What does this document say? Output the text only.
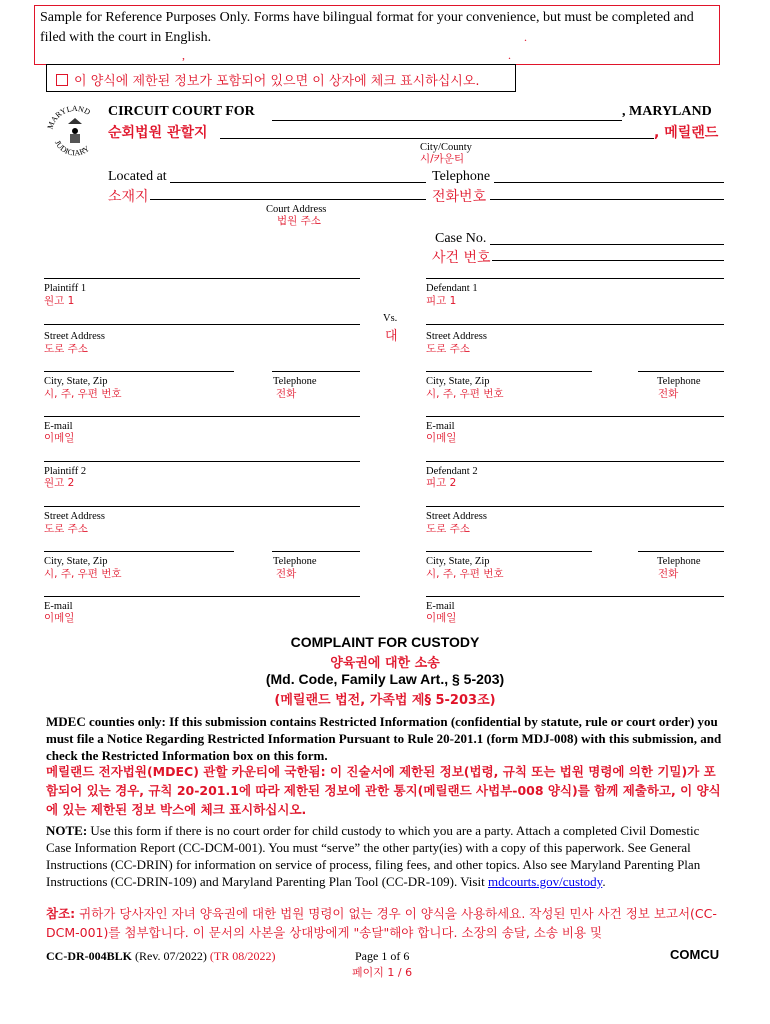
Sample for Reference Purposes Only. Forms have bilingual format for your convenience, but must be completed and filed with the court in English.
,
.
.
이 양식에 제한된 정보가 포함되어 있으면 이 상자에 체크 표시하십시오.
MARYLAND
JUDICIARY
CIRCUIT COURT FOR	, MARYLAND
순회법원 관할지	, 메릴랜드
City/County
시/카운티
Located at	Telephone
소재지	전화번호
Court Address
법원 주소
Case No.
사건 번호
Plaintiff 1
원고 1
Street Address
도로 주소
City, State, Zip
시, 주, 우편 번호
Telephone
전화
E-mail
이메일
Plaintiff 2
원고 2
Street Address
도로 주소
City, State, Zip
시, 주, 우편 번호
Telephone
전화
E-mail
이메일
Vs.
대
Defendant 1
피고 1
Street Address
도로 주소
City, State, Zip
시, 주, 우편 번호
Telephone
전화
E-mail
이메일
Defendant 2
피고 2
Street Address
도로 주소
City, State, Zip
시, 주, 우편 번호
Telephone
전화
E-mail
이메일
COMPLAINT FOR CUSTODY
양육권에 대한 소송
(Md. Code, Family Law Art., § 5-203)
(메릴랜드 법전, 가족법 제§ 5-203조)
MDEC counties only: If this submission contains Restricted Information (confidential by statute, rule or court order) you must file a Notice Regarding Restricted Information Pursuant to Rule 20-201.1 (form MDJ-008) with this submission, and check the Restricted Information box on this form.
메릴랜드 전자법원(MDEC) 관할 카운티에 국한됨: 이 진술서에 제한된 정보(법령, 규칙 또는 법원 명령에 의한 기밀)가 포함되어 있는 경우, 규칙 20-201.1에 따라 제한된 정보에 관한 통지(메릴랜드 사법부-008 양식)를 함께 제출하고, 이 양식에 있는 제한된 정보 박스에 체크 표시하십시오.
NOTE: Use this form if there is no court order for child custody to which you are a party. Attach a completed Civil Domestic Case Information Report (CC-DCM-001). You must “serve” the other party(ies) with a copy of this paperwork. See General Instructions (CC-DRIN) for information on service of process, filing fees, and other topics. Also see Maryland Parenting Plan Instructions (CC-DRIN-109) and Maryland Parenting Plan Tool (CC-DR-109). Visit mdcourts.gov/custody.
참조: 귀하가 당사자인 자녀 양육권에 대한 법원 명령이 없는 경우 이 양식을 사용하세요. 작성된 민사 사건 정보 보고서(CC-DCM-001)를 첨부합니다. 이 문서의 사본을 상대방에게 "송달"해야 합니다. 소장의 송달, 소송 비용 및
CC-DR-004BLK (Rev. 07/2022) (TR 08/2022)	Page 1 of 6
페이지 1 / 6
COMCU
